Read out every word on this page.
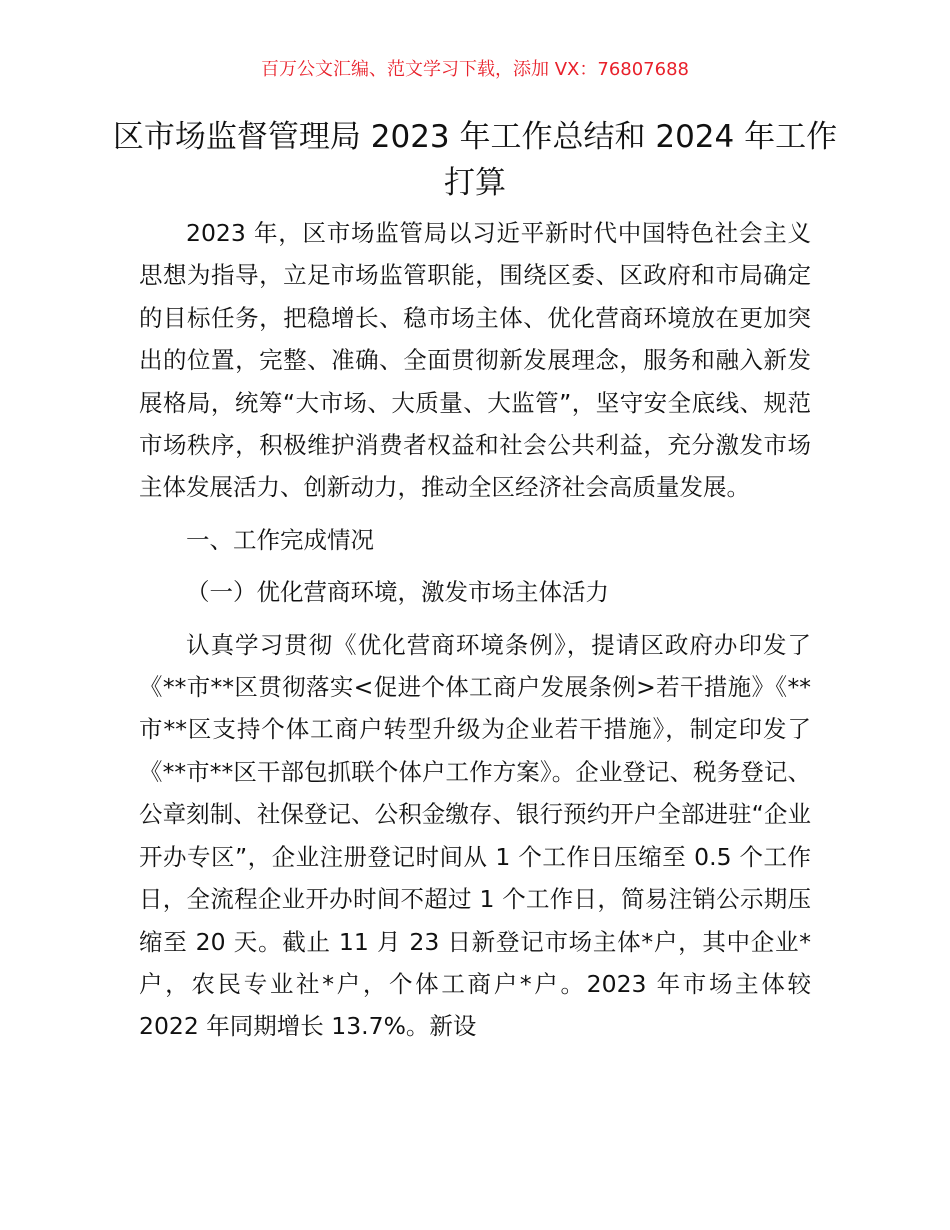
百万公文汇编、范文学习下载，添加 VX：76807688
区市场监督管理局 2023 年工作总结和 2024 年工作打算

2023 年，区市场监管局以习近平新时代中国特色社会主义思想为指导，立足市场监管职能，围绕区委、区政府和市局确定的目标任务，把稳增长、稳市场主体、优化营商环境放在更加突出的位置，完整、准确、全面贯彻新发展理念，服务和融入新发展格局，统筹“大市场、大质量、大监管”，坚守安全底线、规范市场秩序，积极维护消费者权益和社会公共利益，充分激发市场主体发展活力、创新动力，推动全区经济社会高质量发展。

一、工作完成情况

（一）优化营商环境，激发市场主体活力

认真学习贯彻《优化营商环境条例》，提请区政府办印发了《**市**区贯彻落实<促进个体工商户发展条例>若干措施》《**市**区支持个体工商户转型升级为企业若干措施》，制定印发了《**市**区干部包抓联个体户工作方案》。企业登记、税务登记、公章刻制、社保登记、公积金缴存、银行预约开户全部进驻“企业开办专区”，企业注册登记时间从 1 个工作日压缩至 0.5 个工作日，全流程企业开办时间不超过 1 个工作日，简易注销公示期压缩至 20 天。截止 11 月 23 日新登记市场主体*户，其中企业*户，农民专业社*户，个体工商户*户。2023 年市场主体较 2022 年同期增长 13.7%。新设
